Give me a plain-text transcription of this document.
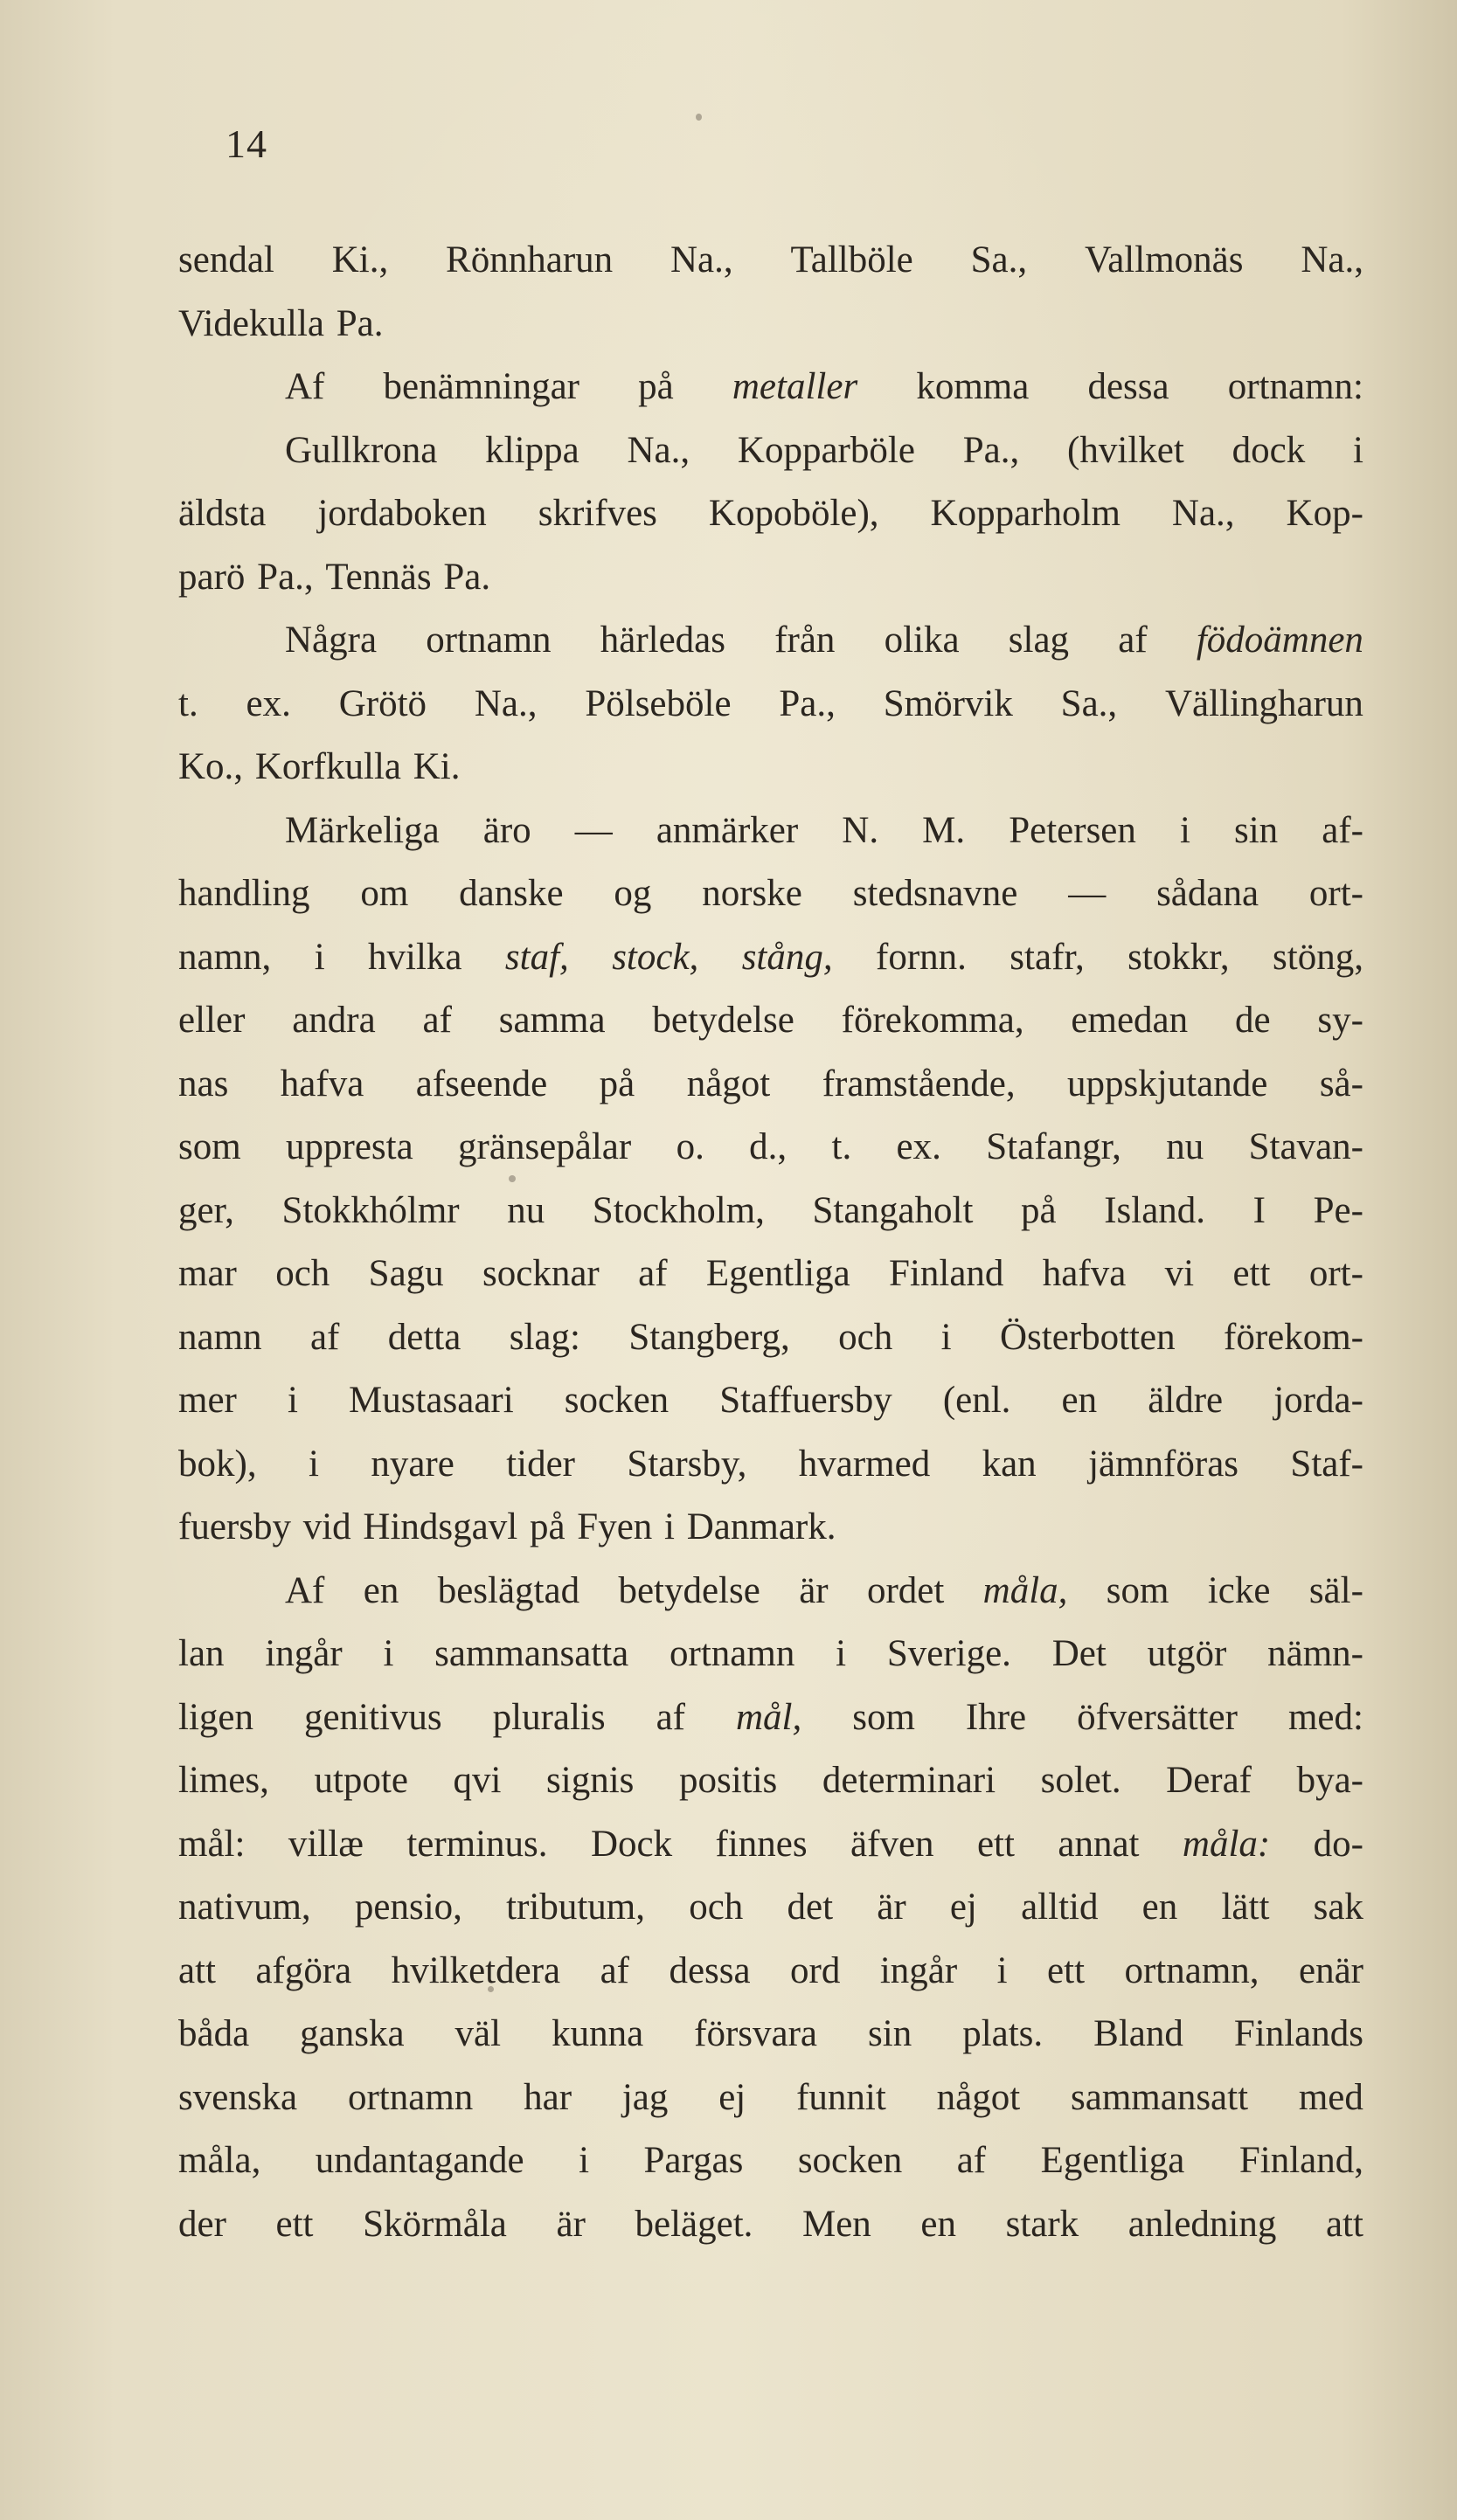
14
sendal Ki., Rönnharun Na., Tallböle Sa., Vallmonäs Na.,
Videkulla Pa.
Af benämningar på metaller komma dessa ortnamn:
Gullkrona klippa Na., Kopparböle Pa., (hvilket dock i
äldsta jordaboken skrifves Kopoböle), Kopparholm Na., Kop-
parö Pa., Tennäs Pa.
Några ortnamn härledas från olika slag af födoämnen
t. ex. Grötö Na., Pölseböle Pa., Smörvik Sa., Vällingharun
Ko., Korfkulla Ki.
Märkeliga äro — anmärker N. M. Petersen i sin af-
handling om danske og norske stedsnavne — sådana ort-
namn, i hvilka staf, stock, stång, fornn. stafr, stokkr, stöng,
eller andra af samma betydelse förekomma, emedan de sy-
nas hafva afseende på något framstående, uppskjutande så-
som uppresta gränsepålar o. d., t. ex. Stafangr, nu Stavan-
ger, Stokkhólmr nu Stockholm, Stangaholt på Island. I Pe-
mar och Sagu socknar af Egentliga Finland hafva vi ett ort-
namn af detta slag: Stangberg, och i Österbotten förekom-
mer i Mustasaari socken Staffuersby (enl. en äldre jorda-
bok), i nyare tider Starsby, hvarmed kan jämnföras Staf-
fuersby vid Hindsgavl på Fyen i Danmark.
Af en beslägtad betydelse är ordet måla, som icke säl-
lan ingår i sammansatta ortnamn i Sverige. Det utgör nämn-
ligen genitivus pluralis af mål, som Ihre öfversätter med:
limes, utpote qvi signis positis determinari solet. Deraf bya-
mål: villæ terminus. Dock finnes äfven ett annat måla: do-
nativum, pensio, tributum, och det är ej alltid en lätt sak
att afgöra hvilketdera af dessa ord ingår i ett ortnamn, enär
båda ganska väl kunna försvara sin plats. Bland Finlands
svenska ortnamn har jag ej funnit något sammansatt med
måla, undantagande i Pargas socken af Egentliga Finland,
der ett Skörmåla är beläget. Men en stark anledning att
